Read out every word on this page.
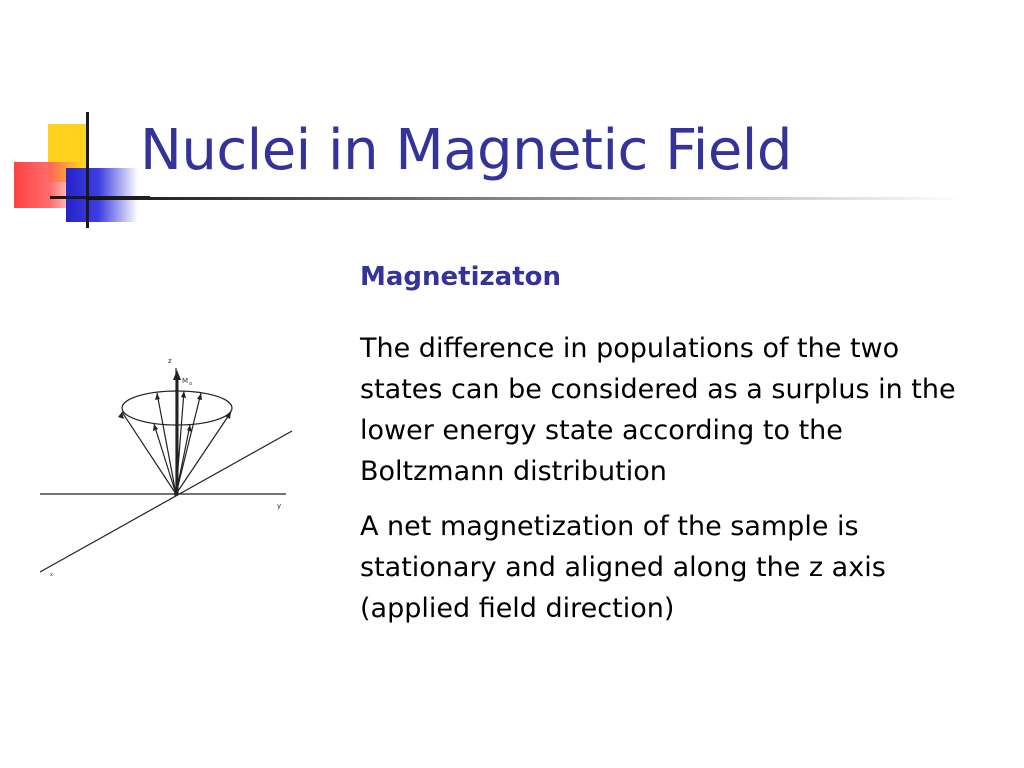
Nuclei in Magnetic Field
z
M o
y
x
Magnetizaton

The difference in populations of the two states can be considered as a surplus in the lower energy state according to the Boltzmann distribution

A net magnetization of the sample is stationary and aligned along the z axis (applied field direction)
